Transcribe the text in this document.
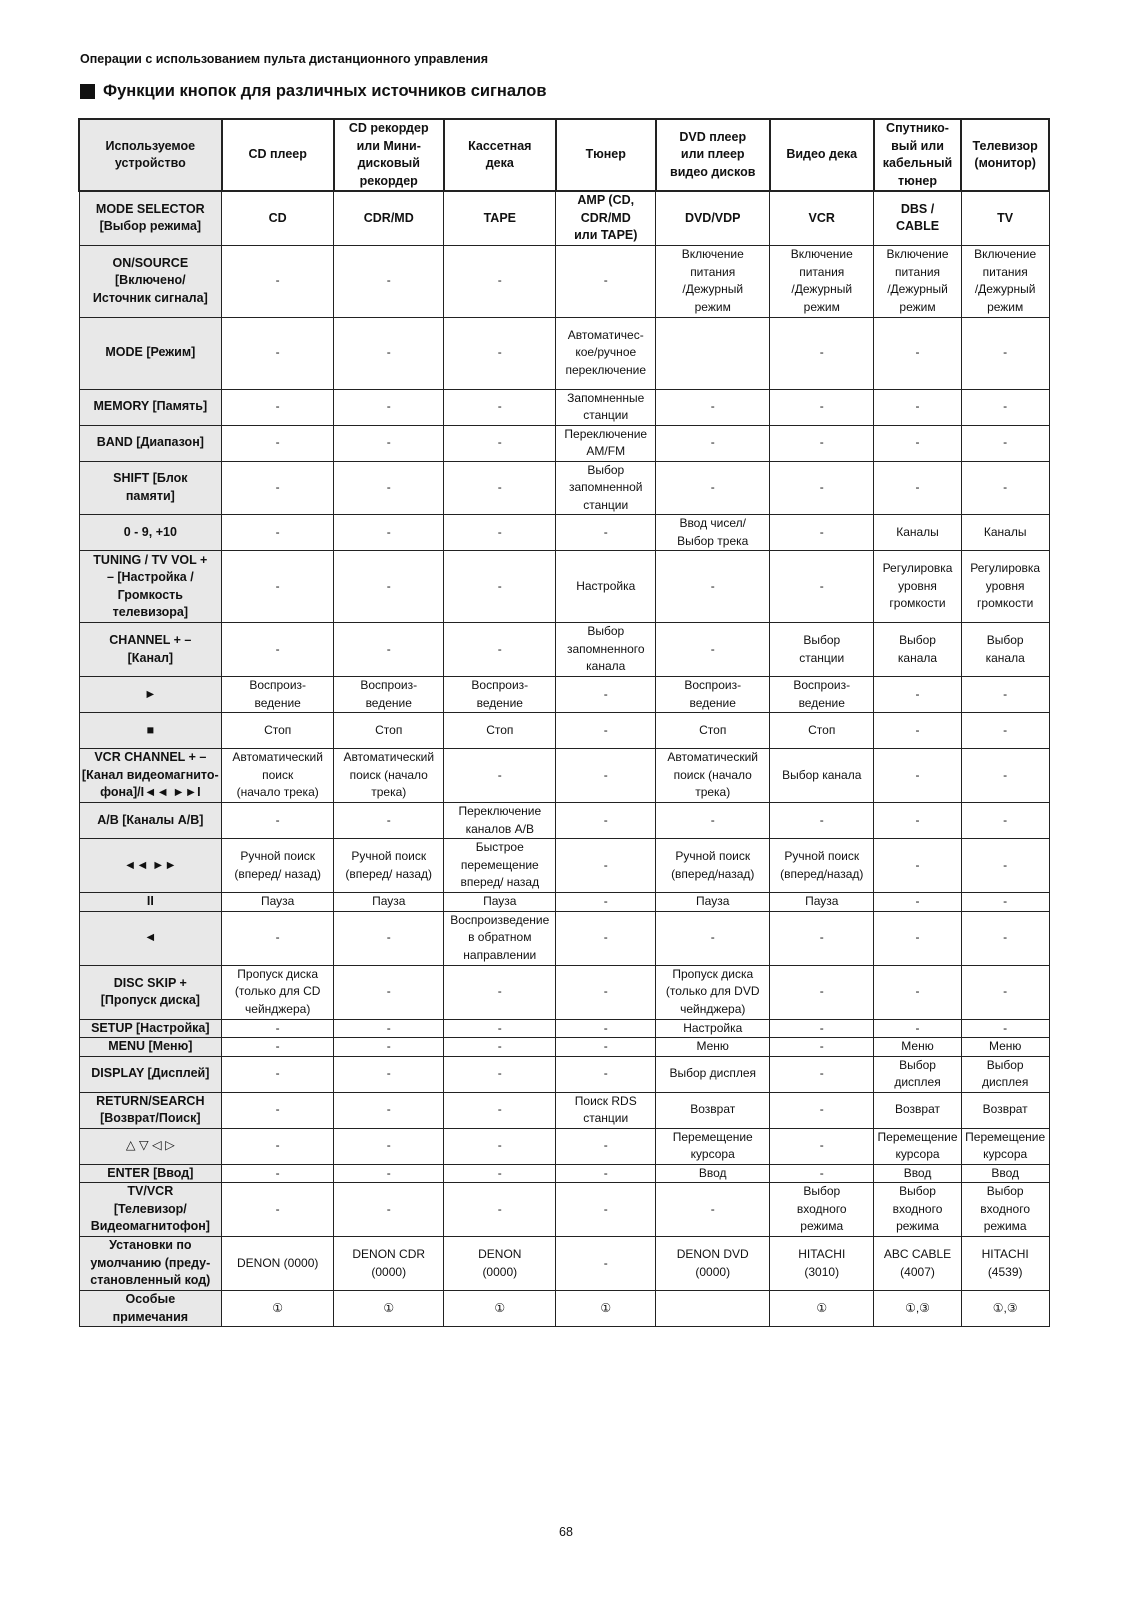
Операции с использованием пульта дистанционного управления
Функции кнопок для различных источников сигналов
Используемое
устройство	CD плеер	CD рекордер
или Мини-
дисковый
рекордер	Кассетная
дека	Тюнер	DVD плеер
или плеер
видео дисков	Видео дека	Спутнико-
вый или
кабельный
тюнер	Телевизор
(монитор)
MODE SELECTOR
[Выбор режима]	CD	CDR/MD	TAPE	AMP (CD,
CDR/MD
или TAPE)	DVD/VDP	VCR	DBS /
CABLE	TV
ON/SOURCE
[Включено/
Источник сигнала]	-	-	-	-	Включение
питания
/Дежурный
режим	Включение
питания
/Дежурный
режим	Включение
питания
/Дежурный
режим	Включение
питания
/Дежурный
режим
MODE [Режим]	-	-	-	Автоматичес-
кое/ручное
переключение		-	-	-
MEMORY [Память]	-	-	-	Запомненные
станции	-	-	-	-
BAND [Диапазон]	-	-	-	Переключение
AM/FM	-	-	-	-
SHIFT [Блок
памяти]	-	-	-	Выбор
запомненной
станции	-	-	-	-
0 - 9, +10	-	-	-	-	Ввод чисел/
Выбор трека	-	Каналы	Каналы
TUNING / TV VOL +
– [Настройка /
Громкость
телевизора]	-	-	-	Настройка	-	-	Регулировка
уровня
громкости	Регулировка
уровня
громкости
CHANNEL + –
[Канал]	-	-	-	Выбор
запомненного
канала	-	Выбор
станции	Выбор
канала	Выбор
канала
►	Воспроиз-
ведение	Воспроиз-
ведение	Воспроиз-
ведение	-	Воспроиз-
ведение	Воспроиз-
ведение	-	-
■	Стоп	Стоп	Стоп	-	Стоп	Стоп	-	-
VCR CHANNEL + –
[Канал видеомагнито-
фона]/I◄◄ ►►I	Автоматический
поиск
(начало трека)	Автоматический
поиск (начало
трека)	-	-	Автоматический
поиск (начало
трека)	Выбор канала	-	-
A/B [Каналы A/B]	-	-	Переключение
каналов A/B	-	-	-	-	-
◄◄ ►►	Ручной поиск
(вперед/ назад)	Ручной поиск
(вперед/ назад)	Быстрое
перемещение
вперед/ назад	-	Ручной поиск
(вперед/назад)	Ручной поиск
(вперед/назад)	-	-
II	Пауза	Пауза	Пауза	-	Пауза	Пауза	-	-
◄	-	-	Воспроизведение
в обратном
направлении	-	-	-	-	-
DISC SKIP +
[Пропуск диска]	Пропуск диска
(только для CD
чейнджера)	-	-	-	Пропуск диска
(только для DVD
чейнджера)	-	-	-
SETUP [Настройка]	-	-	-	-	Настройка	-	-	-
MENU [Меню]	-	-	-	-	Меню	-	Меню	Меню
DISPLAY [Дисплей]	-	-	-	-	Выбор дисплея	-	Выбор
дисплея	Выбор
дисплея
RETURN/SEARCH
[Возврат/Поиск]	-	-	-	Поиск RDS
станции	Возврат	-	Возврат	Возврат
△ ▽ ◁ ▷	-	-	-	-	Перемещение
курсора	-	Перемещение
курсора	Перемещение
курсора
ENTER [Ввод]	-	-	-	-	Ввод	-	Ввод	Ввод
TV/VCR
[Телевизор/
Видеомагнитофон]	-	-	-	-	-	Выбор
входного
режима	Выбор
входного
режима	Выбор
входного
режима
Установки по
умолчанию (преду-
становленный код)	DENON (0000)	DENON CDR
(0000)	DENON
(0000)	-	DENON DVD
(0000)	HITACHI
(3010)	ABC CABLE
(4007)	HITACHI
(4539)
Особые
примечания	①	①	①	①		①	①,③	①,③
68
